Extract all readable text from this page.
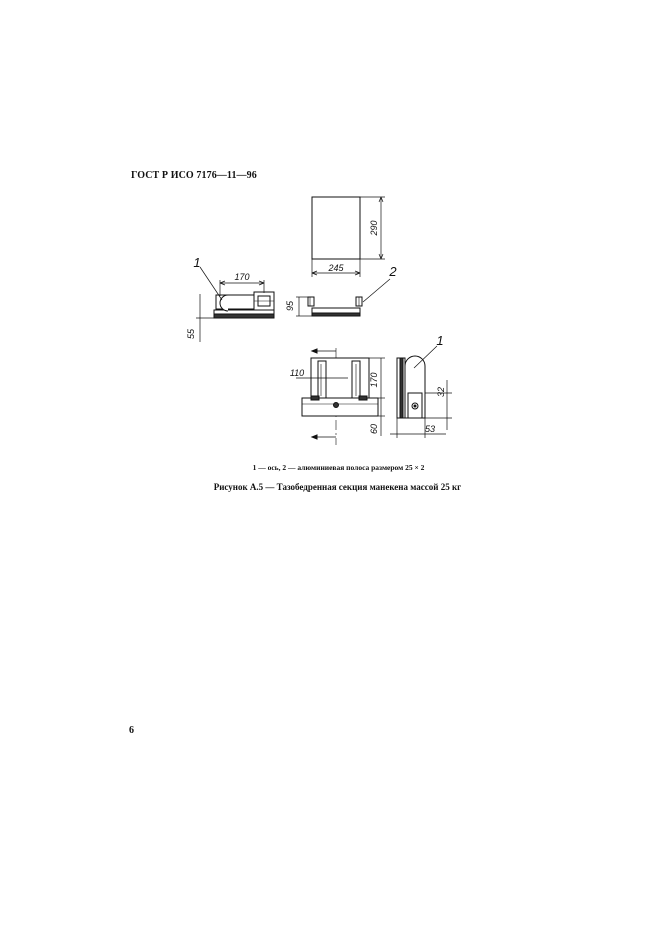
ГОСТ Р ИСО 7176—11—96
170
55
290
245
95
110	170
60
32
53
1
2
1
1 — ось, 2 — алюминиевая полоса размером 25 × 2
Рисунок А.5 — Тазобедренная секция манекена массой 25 кг
6
